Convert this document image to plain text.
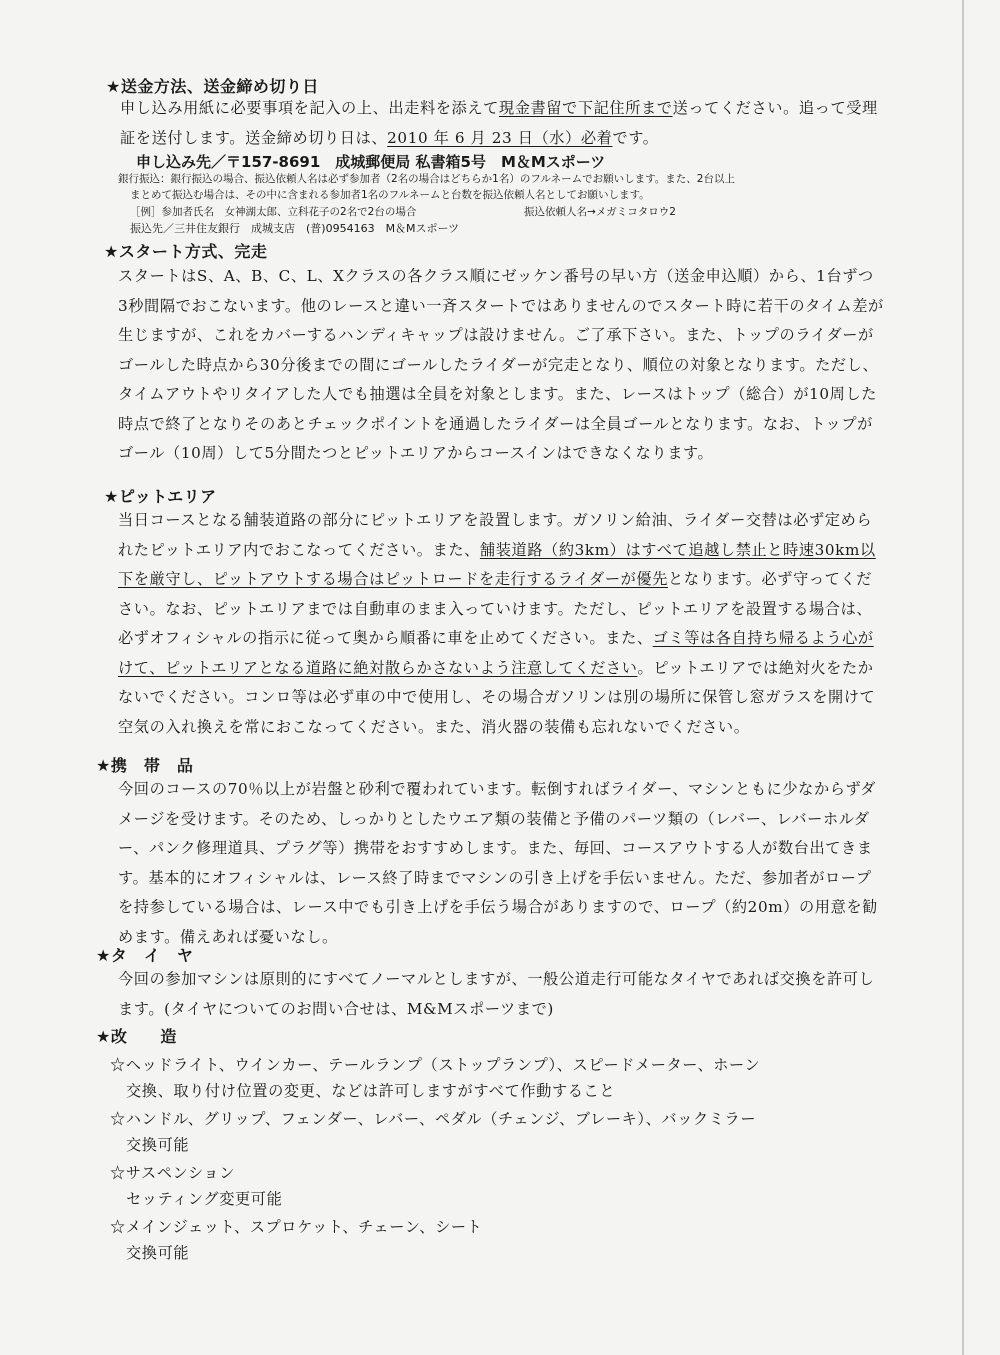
★送金方法、送金締め切り日
申し込み用紙に必要事項を記入の上、出走料を添えて現金書留で下記住所まで送ってください。追って受理証を送付します。送金締め切り日は、2010 年 6 月 23 日（水）必着です。
申し込み先／〒157-8691　成城郵便局 私書箱5号　M＆Mスポーツ
銀行振込：銀行振込の場合、振込依頼人名は必ず参加者（2名の場合はどちらか1名）のフルネームでお願いします。また、2台以上
まとめて振込む場合は、その中に含まれる参加者1名のフルネームと台数を振込依頼人名としてお願いします。
［例］参加者氏名　女神湖太郎、立科花子の2名で2台の場合	振込依頼人名→メガミコタロウ2
振込先／三井住友銀行　成城支店　(普)0954163　M＆Mスポーツ
★スタート方式、完走
スタートはS、A、B、C、L、Xクラスの各クラス順にゼッケン番号の早い方（送金申込順）から、1台ずつ3秒間隔でおこないます。他のレースと違い一斉スタートではありませんのでスタート時に若干のタイム差が生じますが、これをカバーするハンディキャップは設けません。ご了承下さい。また、トップのライダーがゴールした時点から30分後までの間にゴールしたライダーが完走となり、順位の対象となります。ただし、タイムアウトやリタイアした人でも抽選は全員を対象とします。また、レースはトップ（総合）が10周した時点で終了となりそのあとチェックポイントを通過したライダーは全員ゴールとなります。なお、トップがゴール（10周）して5分間たつとピットエリアからコースインはできなくなります。
★ピットエリア
当日コースとなる舗装道路の部分にピットエリアを設置します。ガソリン給油、ライダー交替は必ず定められたピットエリア内でおこなってください。また、舗装道路（約3km）はすべて追越し禁止と時速30km以下を厳守し、ピットアウトする場合はピットロードを走行するライダーが優先となります。必ず守ってください。なお、ピットエリアまでは自動車のまま入っていけます。ただし、ピットエリアを設置する場合は、必ずオフィシャルの指示に従って奥から順番に車を止めてください。また、ゴミ等は各自持ち帰るよう心がけて、ピットエリアとなる道路に絶対散らかさないよう注意してください。ピットエリアでは絶対火をたかないでください。コンロ等は必ず車の中で使用し、その場合ガソリンは別の場所に保管し窓ガラスを開けて空気の入れ換えを常におこなってください。また、消火器の装備も忘れないでください。
★携　帯　品
今回のコースの70％以上が岩盤と砂利で覆われています。転倒すればライダー、マシンともに少なからずダメージを受けます。そのため、しっかりとしたウエア類の装備と予備のパーツ類の（レバー、レバーホルダー、パンク修理道具、プラグ等）携帯をおすすめします。また、毎回、コースアウトする人が数台出てきます。基本的にオフィシャルは、レース終了時までマシンの引き上げを手伝いません。ただ、参加者がロープを持参している場合は、レース中でも引き上げを手伝う場合がありますので、ロープ（約20m）の用意を勧めます。備えあれば憂いなし。
★タ　イ　ヤ
今回の参加マシンは原則的にすべてノーマルとしますが、一般公道走行可能なタイヤであれば交換を許可します。(タイヤについてのお問い合せは、M&Mスポーツまで)
★改　　造
☆ヘッドライト、ウインカー、テールランプ（ストップランプ）、スピードメーター、ホーン
交換、取り付け位置の変更、などは許可しますがすべて作動すること
☆ハンドル、グリップ、フェンダー、レバー、ペダル（チェンジ、ブレーキ）、バックミラー
交換可能
☆サスペンション
セッティング変更可能
☆メインジェット、スプロケット、チェーン、シート
交換可能
